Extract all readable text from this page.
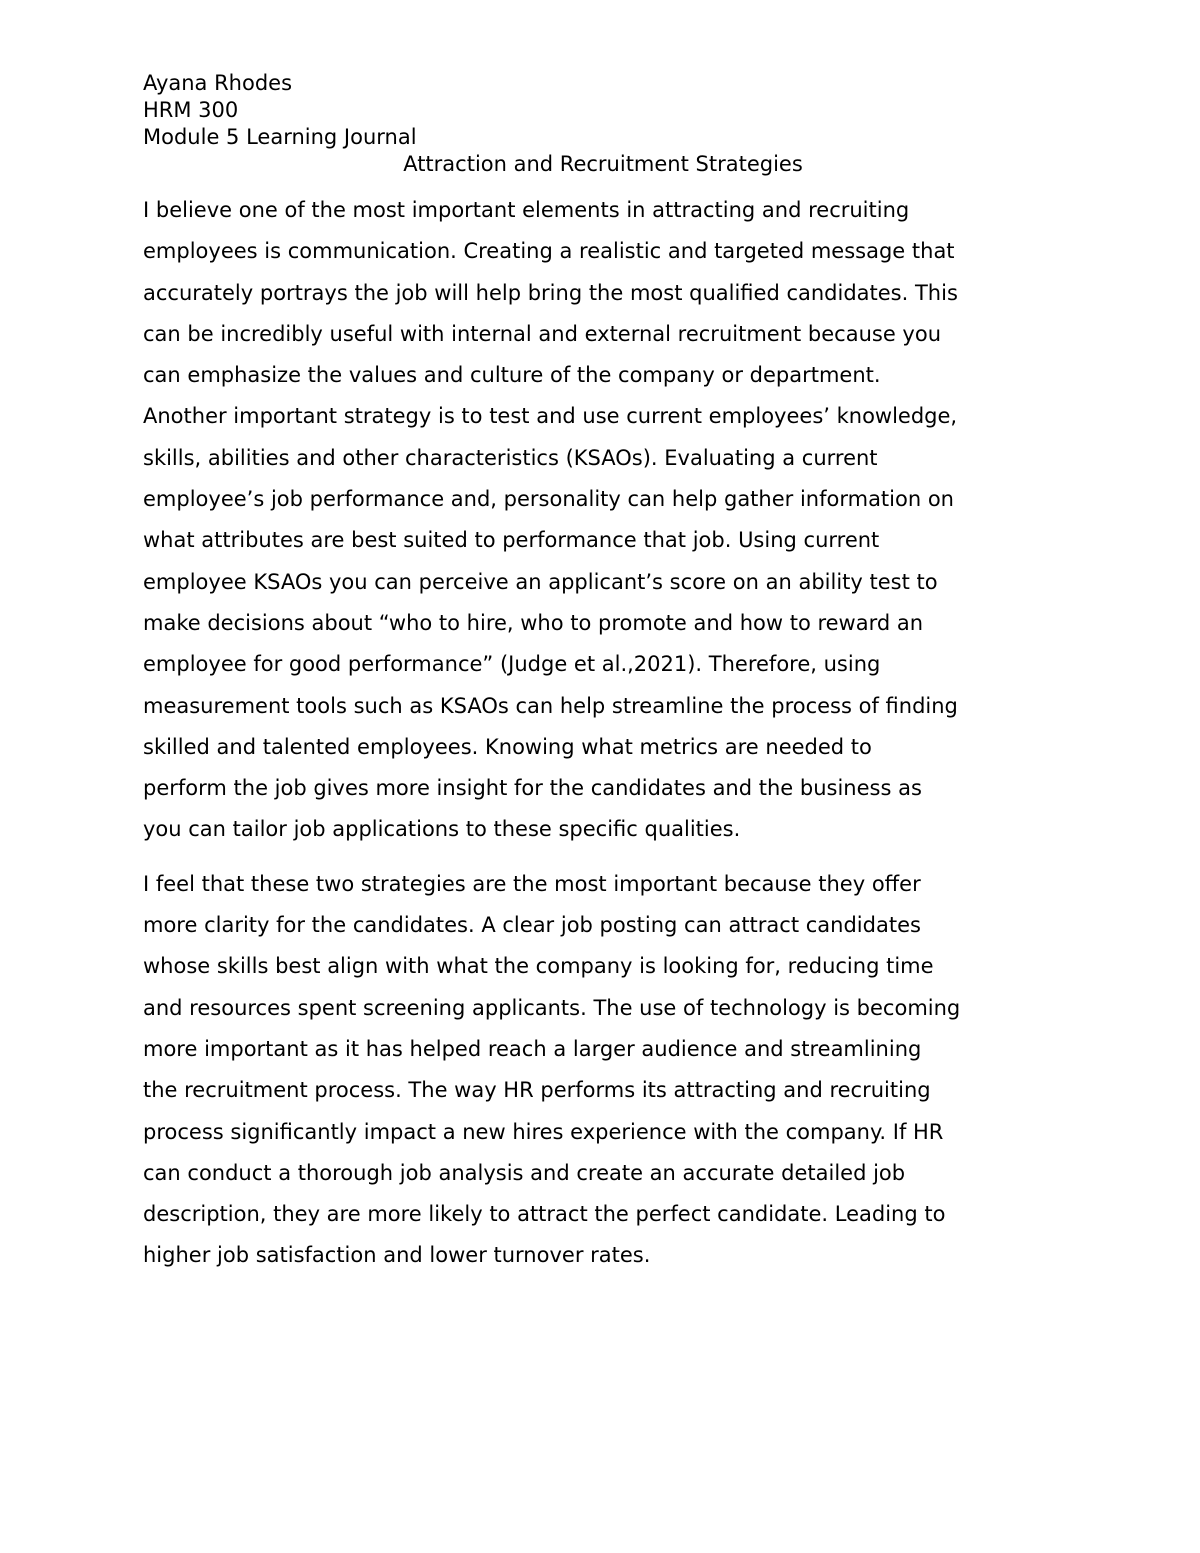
Ayana Rhodes

HRM 300

Module 5 Learning Journal

Attraction and Recruitment Strategies

I believe one of the most important elements in attracting and recruiting
employees is communication. Creating a realistic and targeted message that
accurately portrays the job will help bring the most qualified candidates. This
can be incredibly useful with internal and external recruitment because you
can emphasize the values and culture of the company or department.
Another important strategy is to test and use current employees’ knowledge,
skills, abilities and other characteristics (KSAOs). Evaluating a current
employee’s job performance and, personality can help gather information on
what attributes are best suited to performance that job. Using current
employee KSAOs you can perceive an applicant’s score on an ability test to
make decisions about “who to hire, who to promote and how to reward an
employee for good performance” (Judge et al.,2021). Therefore, using
measurement tools such as KSAOs can help streamline the process of finding
skilled and talented employees. Knowing what metrics are needed to
perform the job gives more insight for the candidates and the business as
you can tailor job applications to these specific qualities.

I feel that these two strategies are the most important because they offer
more clarity for the candidates. A clear job posting can attract candidates
whose skills best align with what the company is looking for, reducing time
and resources spent screening applicants. The use of technology is becoming
more important as it has helped reach a larger audience and streamlining
the recruitment process. The way HR performs its attracting and recruiting
process significantly impact a new hires experience with the company. If HR
can conduct a thorough job analysis and create an accurate detailed job
description, they are more likely to attract the perfect candidate. Leading to
higher job satisfaction and lower turnover rates.
